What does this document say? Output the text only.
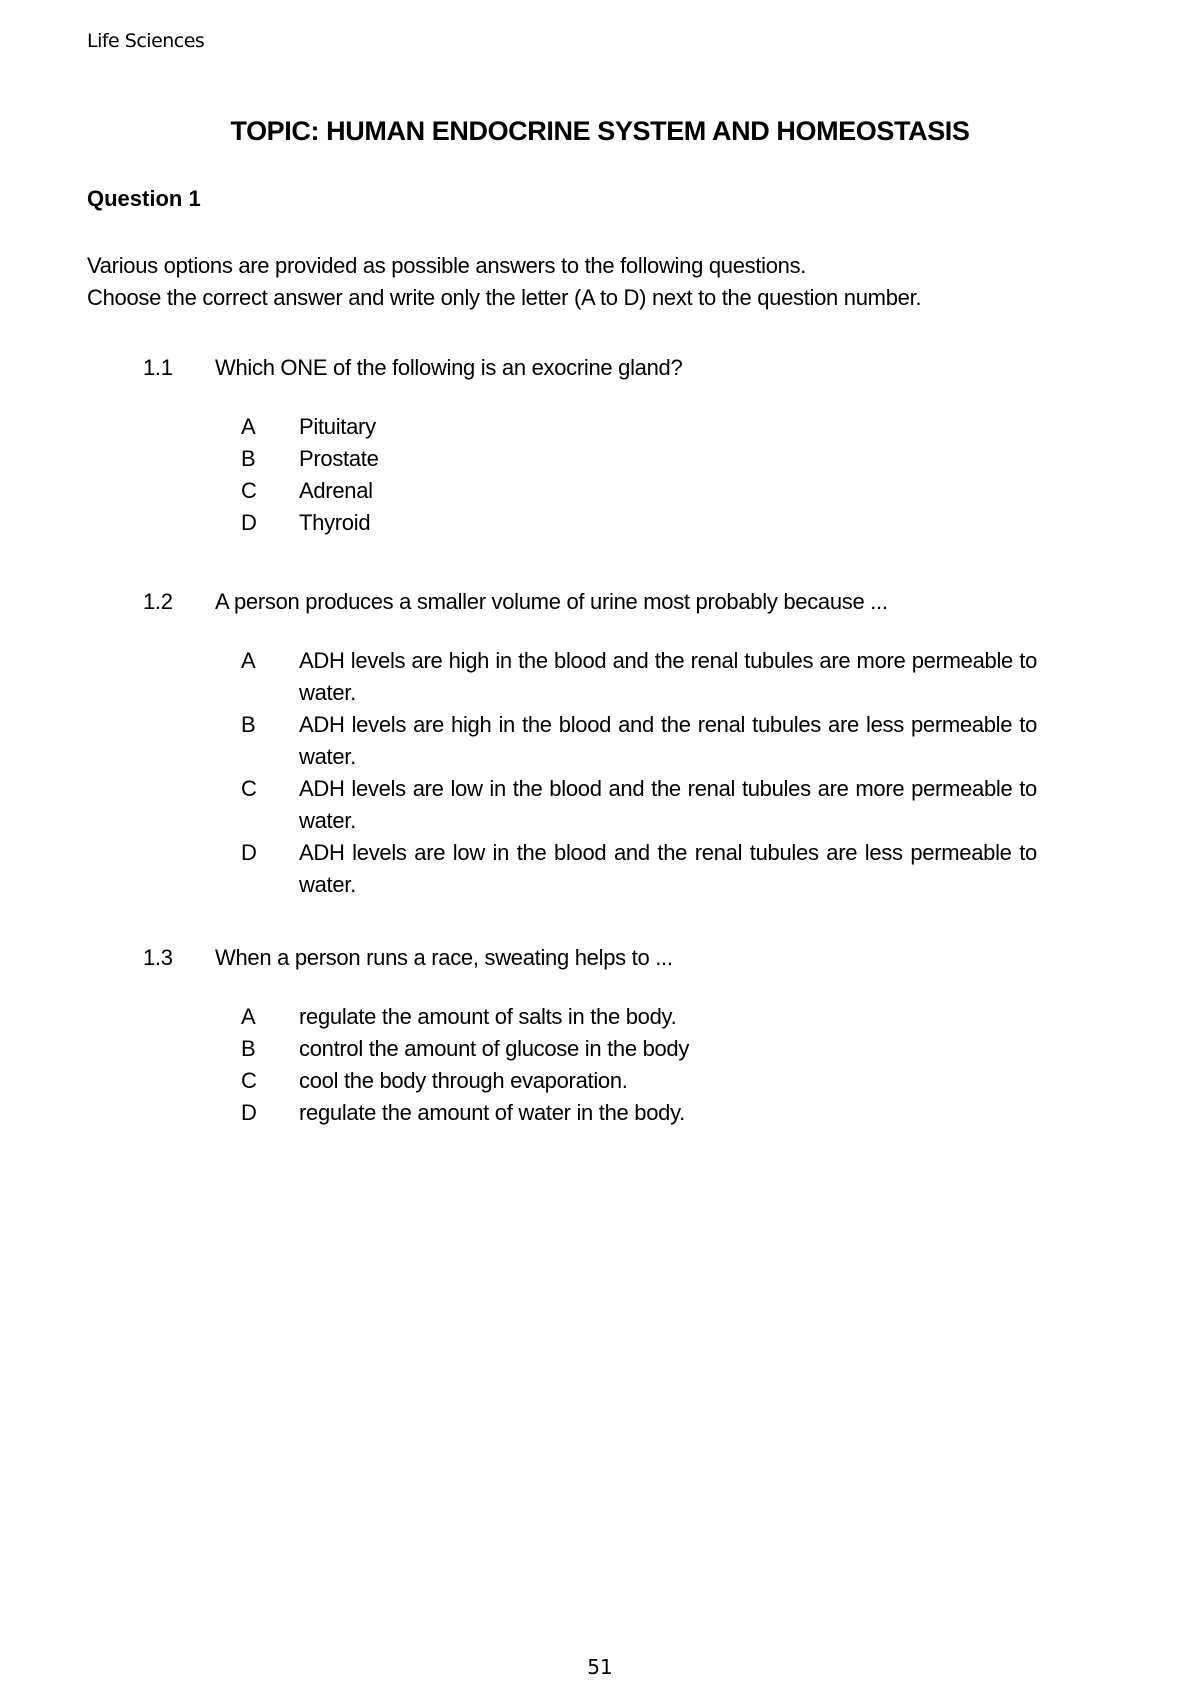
Life Sciences
TOPIC: HUMAN ENDOCRINE SYSTEM AND HOMEOSTASIS
Question 1
Various options are provided as possible answers to the following questions.
Choose the correct answer and write only the letter (A to D) next to the question number.
1.1	Which ONE of the following is an exocrine gland?
A	Pituitary
B	Prostate
C	Adrenal
D	Thyroid
1.2	A person produces a smaller volume of urine most probably because ...
A	ADH levels are high in the blood and the renal tubules are more permeable to water.
B	ADH levels are high in the blood and the renal tubules are less permeable to water.
C	ADH levels are low in the blood and the renal tubules are more permeable to water.
D	ADH levels are low in the blood and the renal tubules are less permeable to water.
1.3	When a person runs a race, sweating helps to ...
A	regulate the amount of salts in the body.
B	control the amount of glucose in the body
C	cool the body through evaporation.
D	regulate the amount of water in the body.
51
